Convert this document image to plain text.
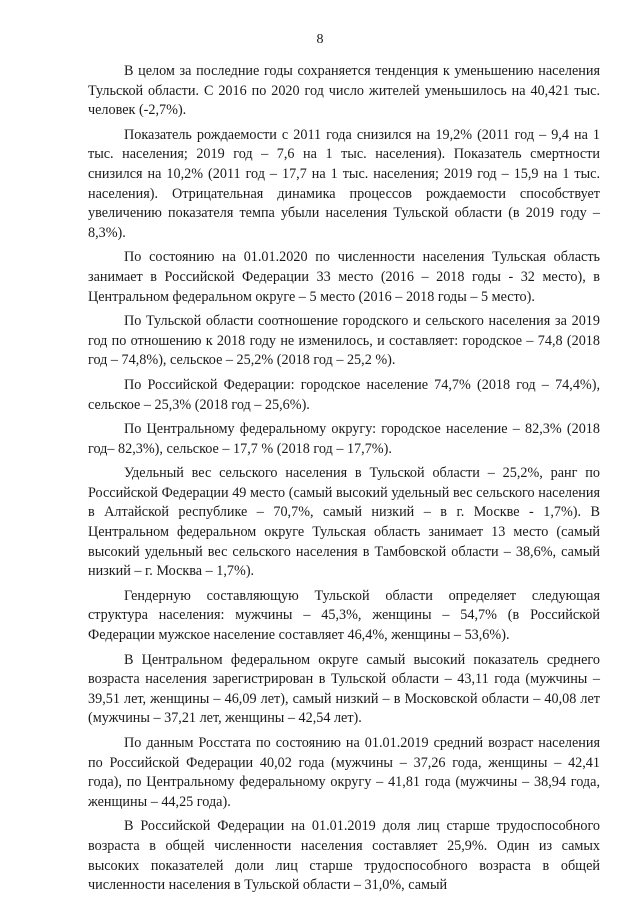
8

В целом за последние годы сохраняется тенденция к уменьшению населения Тульской области. С 2016 по 2020 год число жителей уменьшилось на 40,421 тыс. человек (-2,7%).

Показатель рождаемости с 2011 года снизился на 19,2% (2011 год – 9,4 на 1 тыс. населения; 2019 год – 7,6 на 1 тыс. населения). Показатель смертности снизился на 10,2% (2011 год – 17,7 на 1 тыс. населения; 2019 год – 15,9 на 1 тыс. населения). Отрицательная динамика процессов рождаемости способствует увеличению показателя темпа убыли населения Тульской области (в 2019 году – 8,3%).

По состоянию на 01.01.2020 по численности населения Тульская область занимает в Российской Федерации 33 место (2016 – 2018 годы - 32 место), в Центральном федеральном округе – 5 место (2016 – 2018 годы – 5 место).

По Тульской области соотношение городского и сельского населения за 2019 год по отношению к 2018 году не изменилось, и составляет: городское – 74,8 (2018 год – 74,8%), сельское – 25,2% (2018 год – 25,2 %).

По Российской Федерации: городское население 74,7% (2018 год – 74,4%), сельское – 25,3% (2018 год – 25,6%).

По Центральному федеральному округу: городское население – 82,3% (2018 год– 82,3%), сельское – 17,7 % (2018 год – 17,7%).

Удельный вес сельского населения в Тульской области – 25,2%, ранг по Российской Федерации 49 место (самый высокий удельный вес сельского населения в Алтайской республике – 70,7%, самый низкий – в г. Москве - 1,7%). В Центральном федеральном округе Тульская область занимает 13 место (самый высокий удельный вес сельского населения в Тамбовской области – 38,6%, самый низкий – г. Москва – 1,7%).

Гендерную составляющую Тульской области определяет следующая структура населения: мужчины – 45,3%, женщины – 54,7% (в Российской Федерации мужское население составляет 46,4%, женщины – 53,6%).

В Центральном федеральном округе самый высокий показатель среднего возраста населения зарегистрирован в Тульской области – 43,11 года (мужчины – 39,51 лет, женщины – 46,09 лет), самый низкий – в Московской области – 40,08 лет (мужчины – 37,21 лет, женщины – 42,54 лет).

По данным Росстата по состоянию на 01.01.2019 средний возраст населения по Российской Федерации 40,02 года (мужчины – 37,26 года, женщины – 42,41 года), по Центральному федеральному округу – 41,81 года (мужчины – 38,94 года, женщины – 44,25 года).

В Российской Федерации на 01.01.2019 доля лиц старше трудоспособного возраста в общей численности населения составляет 25,9%. Один из самых высоких показателей доли лиц старше трудоспособного возраста в общей численности населения в Тульской области – 31,0%, самый
